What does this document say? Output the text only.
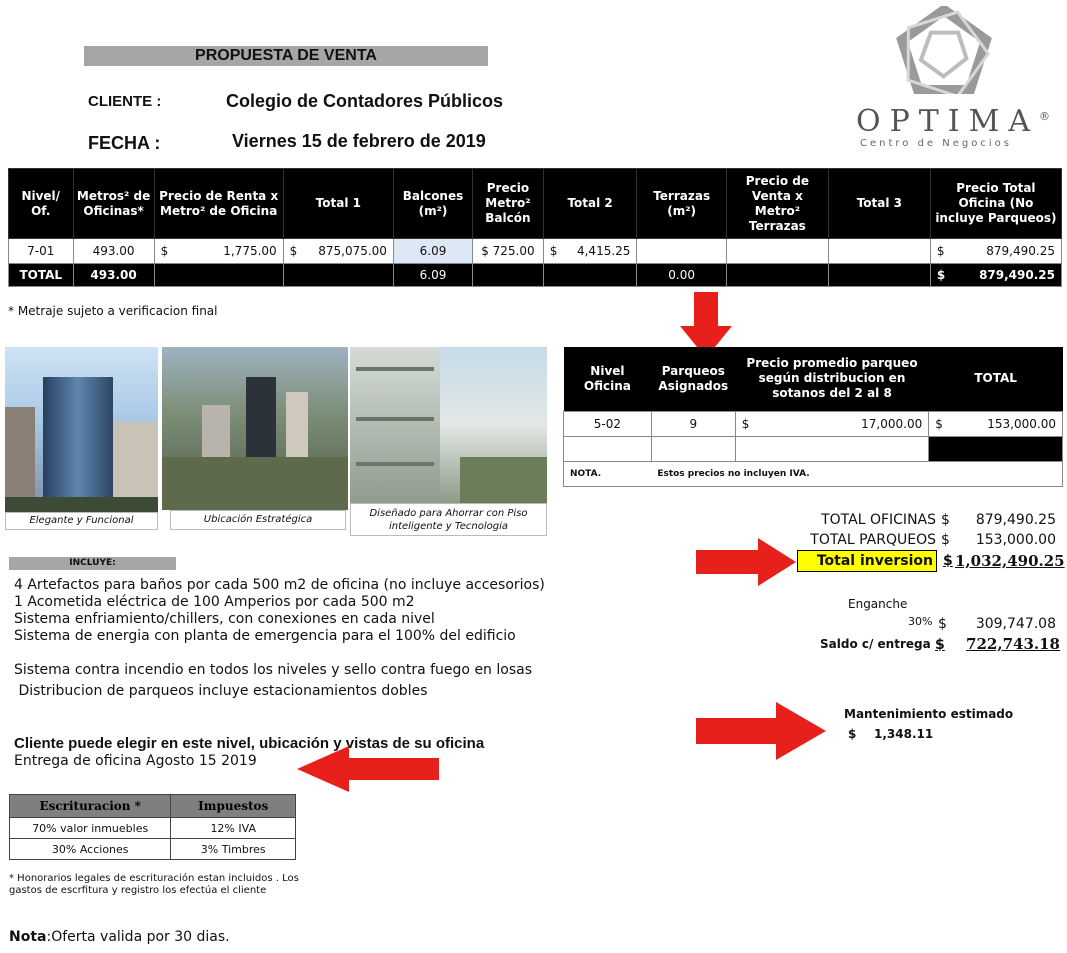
PROPUESTA DE VENTA
CLIENTE :	Colegio de Contadores Públicos
FECHA :	Viernes 15 de febrero de 2019
OPTIMA®
Centro de Negocios
Nivel/ Of.	Metros² de Oficinas*	Precio de Renta x Metro² de Oficina	Total 1	Balcones (m²)	Precio Metro² Balcón	Total 2	Terrazas (m²)	Precio de Venta x Metro² Terrazas	Total 3	Precio Total Oficina (No incluye Parqueos)
7-01	493.00	$ 1,775.00	$ 875,075.00	6.09	$ 725.00	$ 4,415.25				$ 879,490.25

TOTAL	493.00			6.09			0.00			$ 879,490.25
* Metraje sujeto a verificacion final
Elegante y Funcional	Ubicación Estratégica
Diseñado para Ahorrar con Piso inteligente y Tecnologia
Nivel Oficina	Parqueos Asignados	Precio promedio parqueo según distribucion en sotanos del 2 al 8	TOTAL
5-02	9	$ 17,000.00	$ 153,000.00

NOTA.	Estos precios no incluyen IVA.		
TOTAL OFICINAS $	879,490.25
TOTAL PARQUEOS $	153,000.00
Total inversion $ 1,032,490.25
Enganche
30% $	309,747.08
Saldo c/ entrega $	722,743.18
Mantenimiento estimado
$ 1,348.11
INCLUYE:
4 Artefactos para baños por cada 500 m2 de oficina (no incluye accesorios)
1 Acometida eléctrica de 100 Amperios por cada 500 m2
Sistema enfriamiento/chillers, con conexiones en cada nivel
Sistema de energia con planta de emergencia para el 100% del edificio
Sistema contra incendio en todos los niveles y sello contra fuego en losas
Distribucion de parqueos incluye estacionamientos dobles
Cliente puede elegir en este nivel, ubicación y vistas de su oficina
Entrega de oficina Agosto 15 2019
Escrituracion *	Impuestos
70% valor inmuebles	12% IVA
30% Acciones	3% Timbres
* Honorarios legales de escrituración estan incluidos . Los gastos de escrfitura y registro los efectúa el cliente
Nota:Oferta valida por 30 dias.
